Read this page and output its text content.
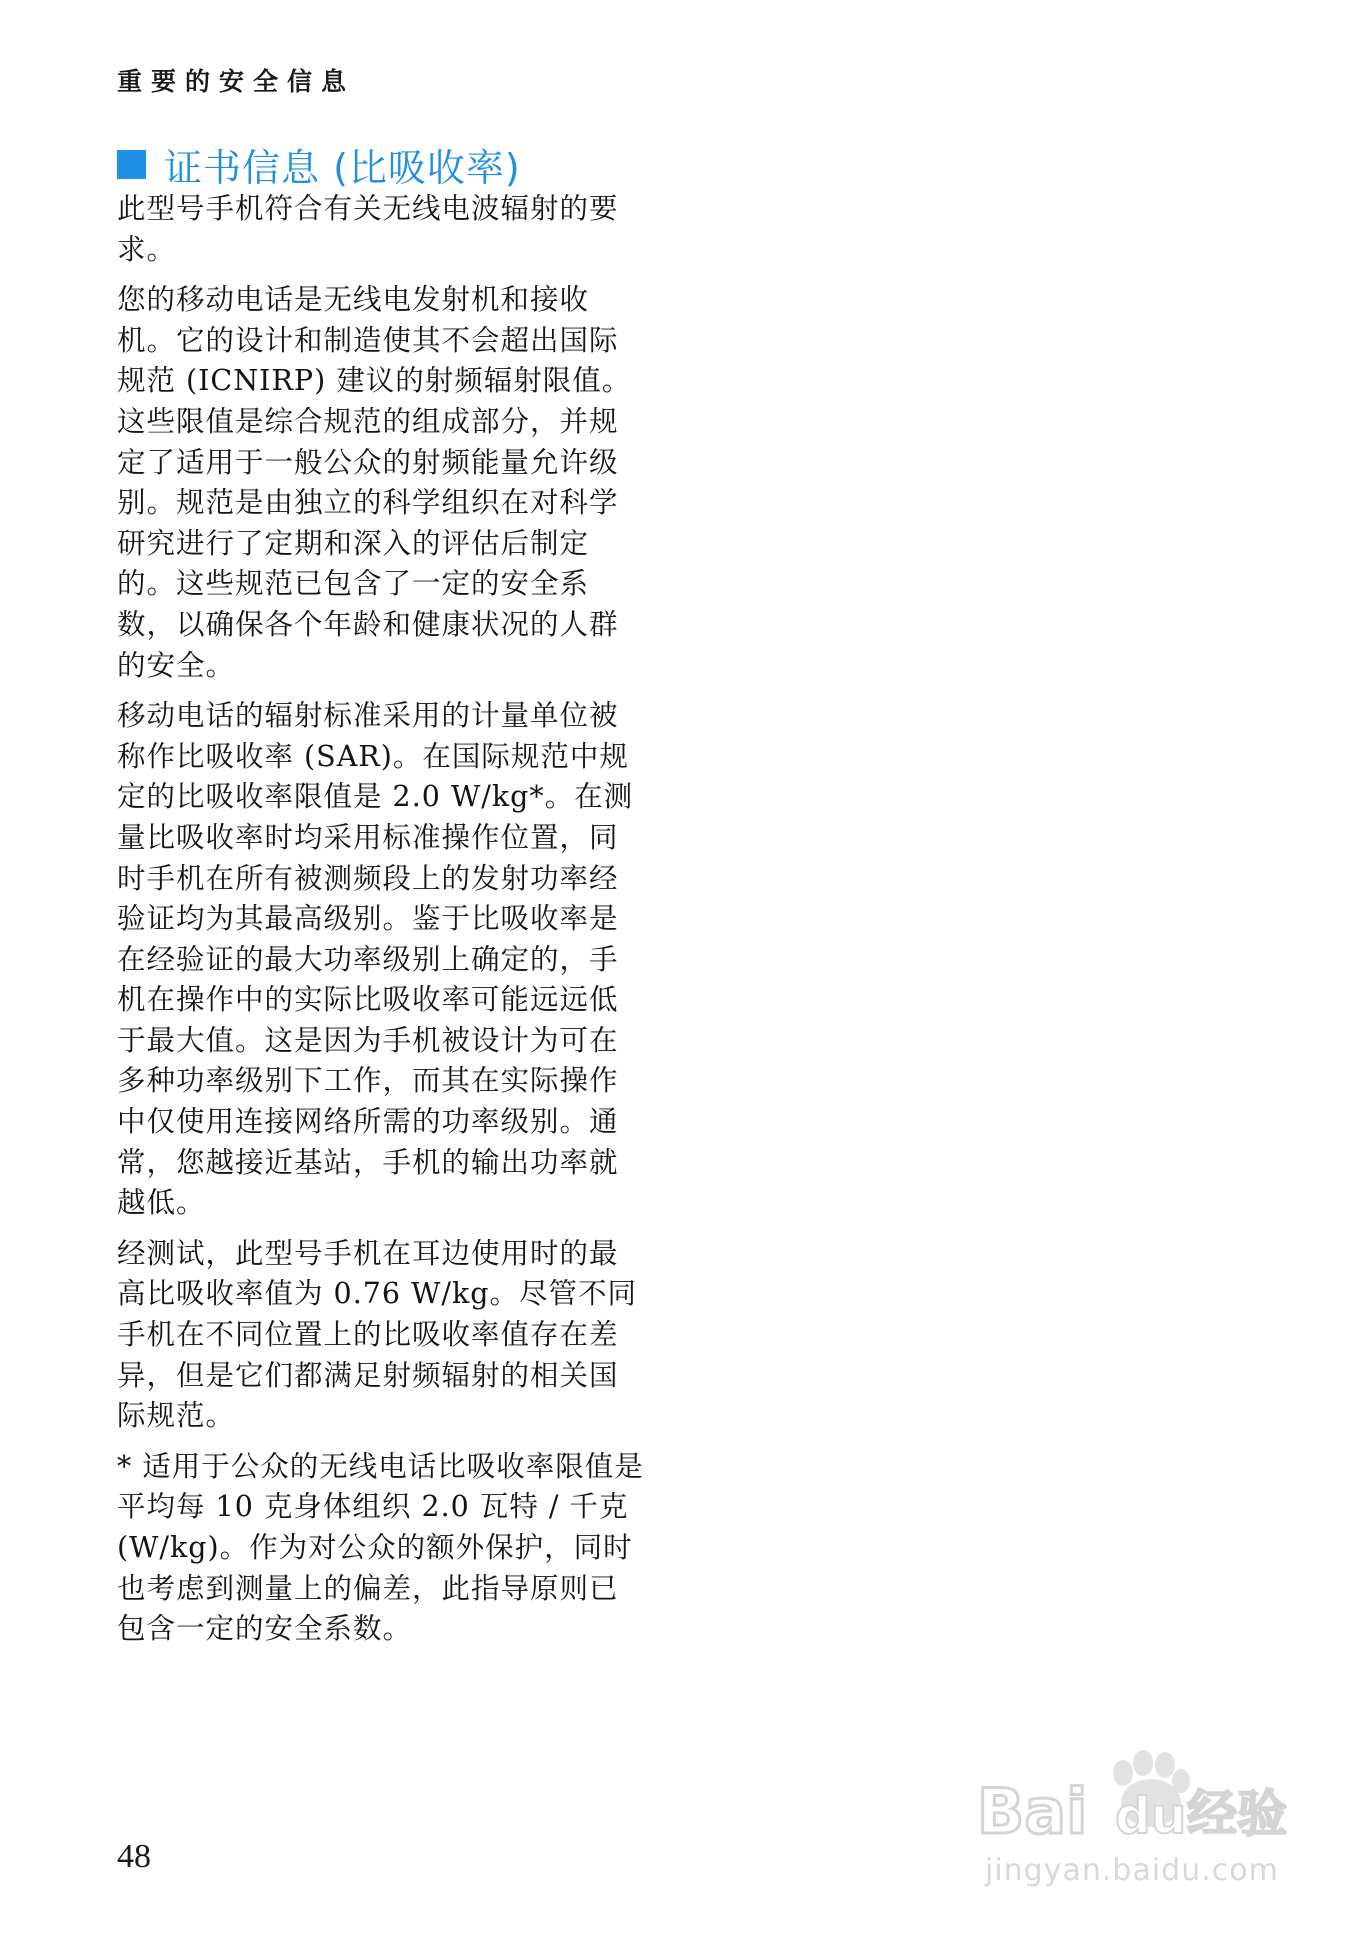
重要的安全信息
证书信息 (比吸收率)

此型号手机符合有关无线电波辐射的要求。

您的移动电话是无线电发射机和接收机。它的设计和制造使其不会超出国际规范 (ICNIRP) 建议的射频辐射限值。这些限值是综合规范的组成部分，并规定了适用于一般公众的射频能量允许级别。规范是由独立的科学组织在对科学研究进行了定期和深入的评估后制定的。这些规范已包含了一定的安全系数，以确保各个年龄和健康状况的人群的安全。

移动电话的辐射标准采用的计量单位被称作比吸收率 (SAR)。在国际规范中规定的比吸收率限值是 2.0 W/kg*。在测量比吸收率时均采用标准操作位置，同时手机在所有被测频段上的发射功率经验证均为其最高级别。鉴于比吸收率是在经验证的最大功率级别上确定的，手机在操作中的实际比吸收率可能远远低于最大值。这是因为手机被设计为可在多种功率级别下工作，而其在实际操作中仅使用连接网络所需的功率级别。通常，您越接近基站，手机的输出功率就越低。

经测试，此型号手机在耳边使用时的最高比吸收率值为 0.76 W/kg。尽管不同手机在不同位置上的比吸收率值存在差异，但是它们都满足射频辐射的相关国际规范。

* 适用于公众的无线电话比吸收率限值是平均每 10 克身体组织 2.0 瓦特 / 千克 (W/kg)。作为对公众的额外保护，同时也考虑到测量上的偏差，此指导原则已包含一定的安全系数。

48
Bai du 经验
jingyan.baidu.com
